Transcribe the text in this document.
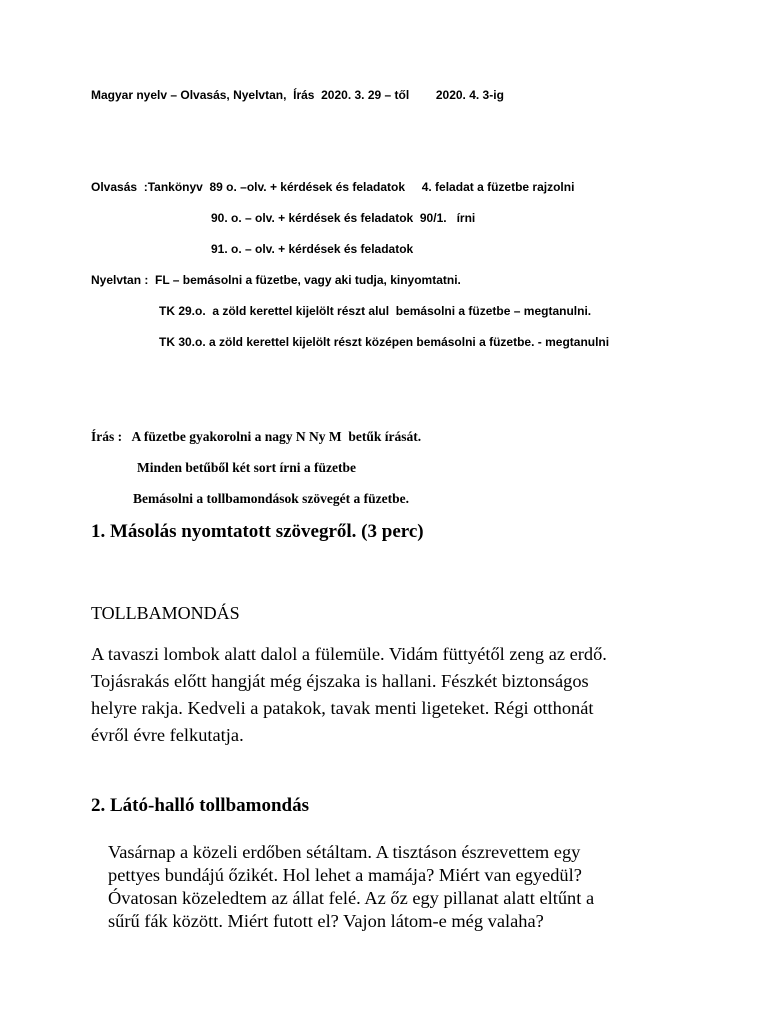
Magyar nyelv – Olvasás, Nyelvtan,  Írás  2020. 3. 29 – től        2020. 4. 3-ig
Olvasás  :Tankönyv  89 o. –olv. + kérdések és feladatok     4. feladat a füzetbe rajzolni
90. o. – olv. + kérdések és feladatok  90/1.   írni
91. o. – olv. + kérdések és feladatok
Nyelvtan :  FL – bemásolni a füzetbe, vagy aki tudja, kinyomtatni.
TK 29.o.  a zöld kerettel kijelölt részt alul  bemásolni a füzetbe – megtanulni.
TK 30.o. a zöld kerettel kijelölt részt középen bemásolni a füzetbe. - megtanulni
Írás :   A füzetbe gyakorolni a nagy N Ny M  betűk írását.
Minden betűből két sort írni a füzetbe
Bemásolni a tollbamondások szövegét a füzetbe.
1. Másolás nyomtatott szövegről. (3 perc)
TOLLBAMONDÁS
A tavaszi lombok alatt dalol a fülemüle. Vidám füttyétől zeng az erdő.
Tojásrakás előtt hangját még éjszaka is hallani. Fészkét biztonságos
helyre rakja. Kedveli a patakok, tavak menti ligeteket. Régi otthonát
évről évre felkutatja.
2. Látó-halló tollbamondás
Vasárnap a közeli erdőben sétáltam. A tisztáson észrevettem egy
pettyes bundájú őzikét. Hol lehet a mamája? Miért van egyedül?
Óvatosan közeledtem az állat felé. Az őz egy pillanat alatt eltűnt a
sűrű fák között. Miért futott el? Vajon látom-e még valaha?
